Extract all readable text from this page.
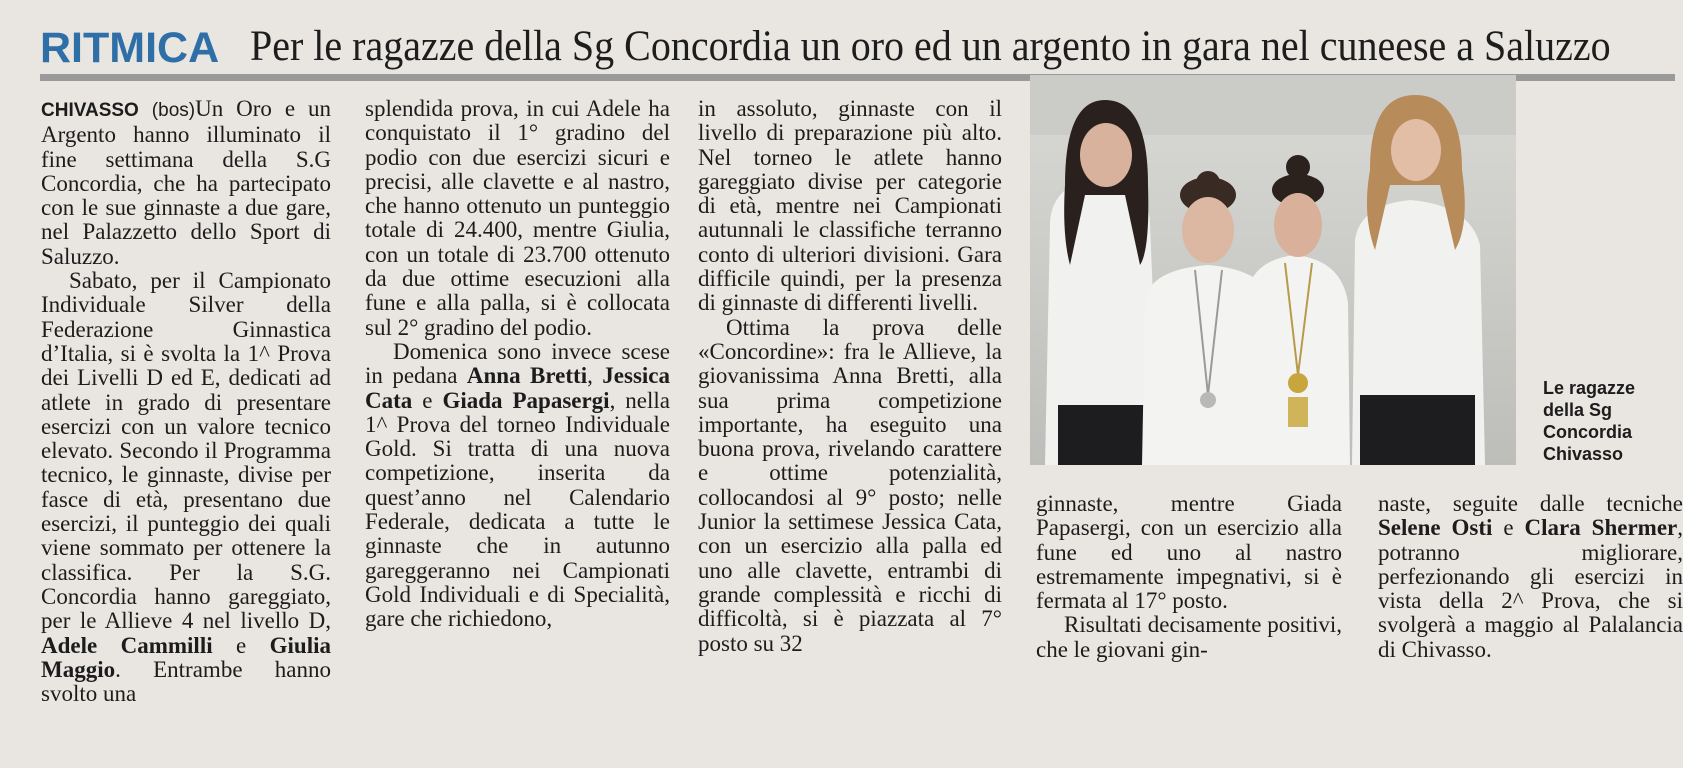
RITMICA Per le ragazze della Sg Concordia un oro ed un argento in gara nel cuneese a Saluzzo

CHIVASSO (bos)Un Oro e un Argento hanno illuminato il fine settimana della S.G Concordia, che ha partecipato con le sue ginnaste a due gare, nel Palazzetto dello Sport di Saluzzo.

Sabato, per il Campionato Individuale Silver della Federazione Ginnastica d’Italia, si è svolta la 1^ Prova dei Livelli D ed E, dedicati ad atlete in grado di presentare esercizi con un valore tecnico elevato. Secondo il Programma tecnico, le ginnaste, divise per fasce di età, presentano due esercizi, il punteggio dei quali viene sommato per ottenere la classifica. Per la S.G. Concordia hanno gareggiato, per le Allieve 4 nel livello D, Adele Cammilli e Giulia Maggio. Entrambe hanno svolto una

splendida prova, in cui Adele ha conquistato il 1° gradino del podio con due esercizi sicuri e precisi, alle clavette e al nastro, che hanno ottenuto un punteggio totale di 24.400, mentre Giulia, con un totale di 23.700 ottenuto da due ottime esecuzioni alla fune e alla palla, si è collocata sul 2° gradino del podio.

Domenica sono invece scese in pedana Anna Bretti, Jessica Cata e Giada Papasergi, nella 1^ Prova del torneo Individuale Gold. Si tratta di una nuova competizione, inserita da quest’anno nel Calendario Federale, dedicata a tutte le ginnaste che in autunno gareggeranno nei Campionati Gold Individuali e di Specialità, gare che richiedono,

in assoluto, ginnaste con il livello di preparazione più alto. Nel torneo le atlete hanno gareggiato divise per categorie di età, mentre nei Campionati autunnali le classifiche terranno conto di ulteriori divisioni. Gara difficile quindi, per la presenza di ginnaste di differenti livelli.

Ottima la prova delle «Concordine»: fra le Allieve, la giovanissima Anna Bretti, alla sua prima competizione importante, ha eseguito una buona prova, rivelando carattere e ottime potenzialità, collocandosi al 9° posto; nelle Junior la settimese Jessica Cata, con un esercizio alla palla ed uno alle clavette, entrambi di grande complessità e ricchi di difficoltà, si è piazzata al 7° posto su 32

Le ragazze della Sg Concordia Chivasso

ginnaste, mentre Giada Papasergi, con un esercizio alla fune ed uno al nastro estremamente impegnativi, si è fermata al 17° posto.

Risultati decisamente positivi, che le giovani gin-

naste, seguite dalle tecniche Selene Osti e Clara Shermer, potranno migliorare, perfezionando gli esercizi in vista della 2^ Prova, che si svolgerà a maggio al Palalancia di Chivasso.
